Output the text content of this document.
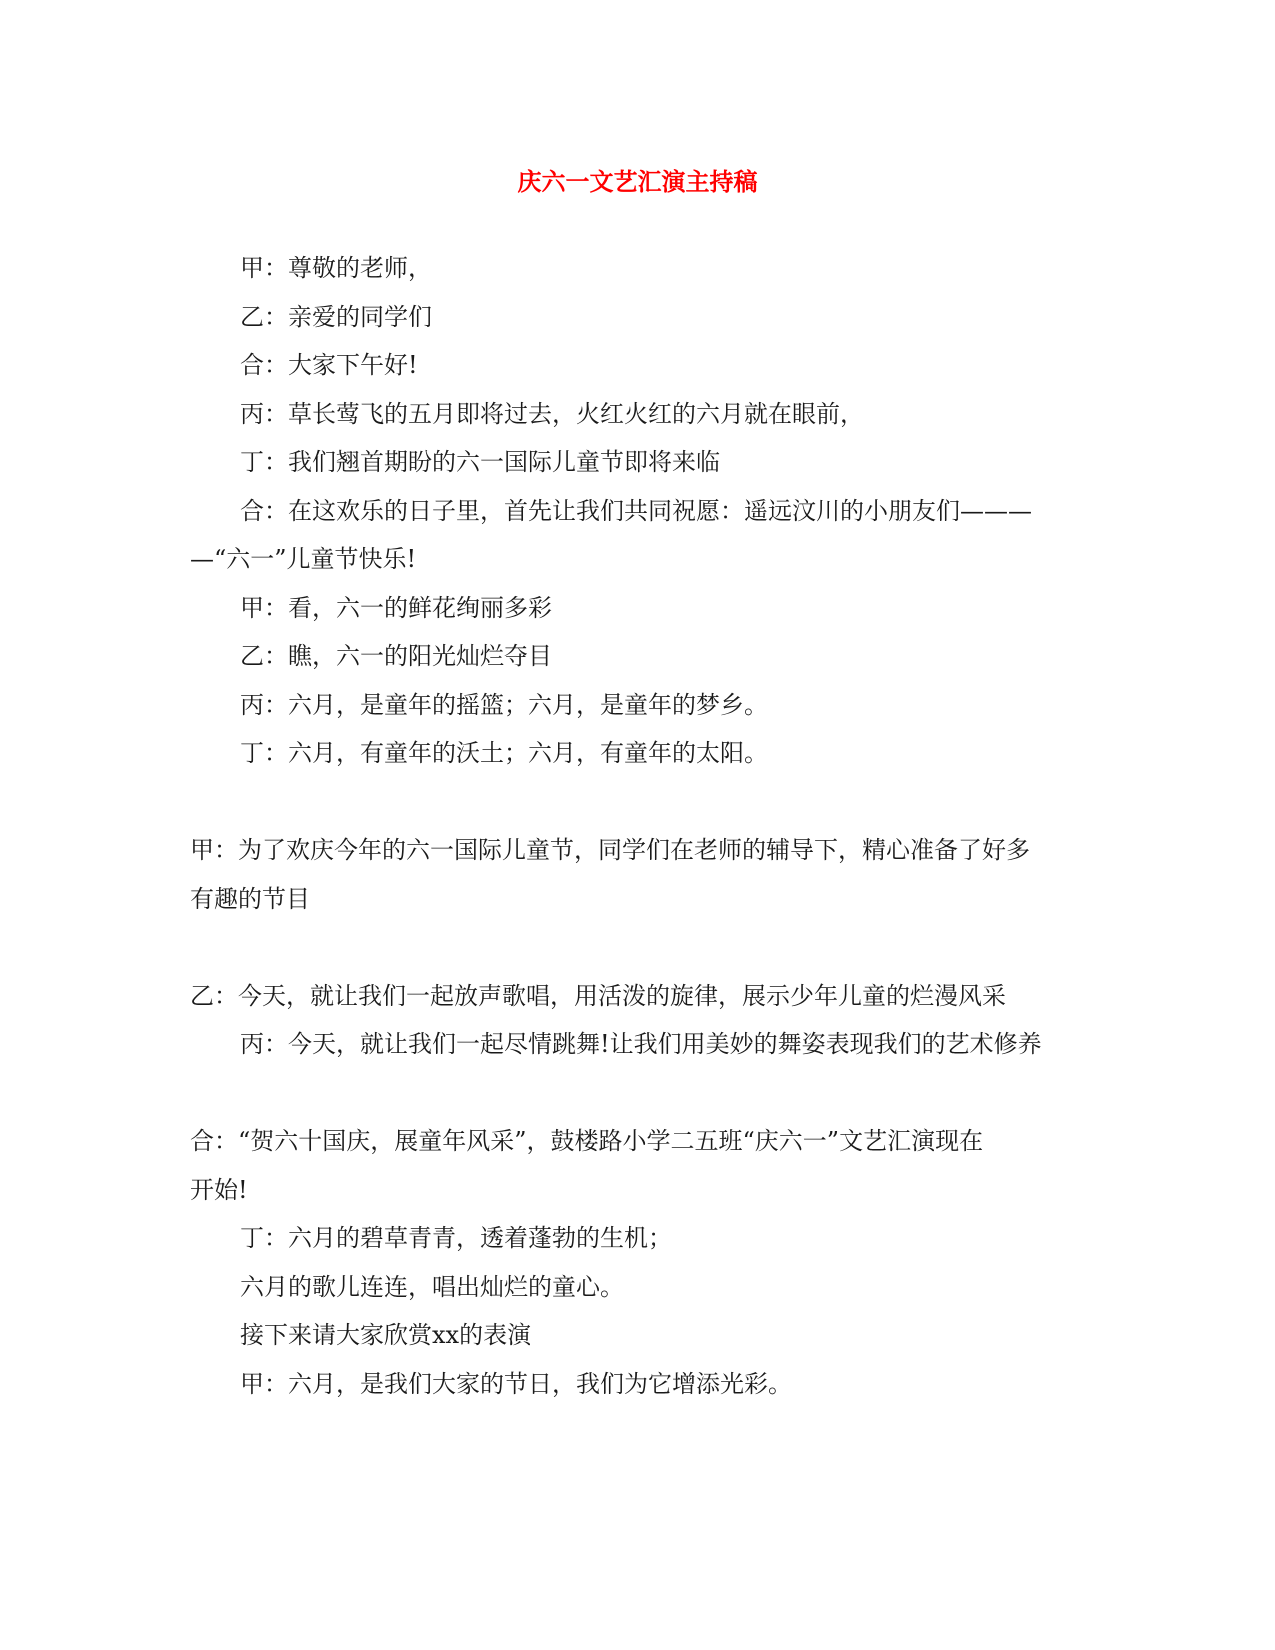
庆六一文艺汇演主持稿

甲：尊敬的老师，

乙：亲爱的同学们

合：大家下午好!

丙：草长莺飞的五月即将过去，火红火红的六月就在眼前，

丁：我们翘首期盼的六一国际儿童节即将来临

合：在这欢乐的日子里，首先让我们共同祝愿：遥远汶川的小朋友们———

—“六一”儿童节快乐!

甲：看，六一的鲜花绚丽多彩

乙：瞧，六一的阳光灿烂夺目

丙：六月，是童年的摇篮；六月，是童年的梦乡。

丁：六月，有童年的沃土；六月，有童年的太阳。

甲：为了欢庆今年的六一国际儿童节，同学们在老师的辅导下，精心准备了好多

有趣的节目

乙：今天，就让我们一起放声歌唱，用活泼的旋律，展示少年儿童的烂漫风采

丙：今天，就让我们一起尽情跳舞!让我们用美妙的舞姿表现我们的艺术修养

合：“贺六十国庆，展童年风采”，鼓楼路小学二五班“庆六一”文艺汇演现在

开始!

丁：六月的碧草青青，透着蓬勃的生机；

六月的歌儿连连，唱出灿烂的童心。

接下来请大家欣赏xx的表演

甲：六月，是我们大家的节日，我们为它增添光彩。
